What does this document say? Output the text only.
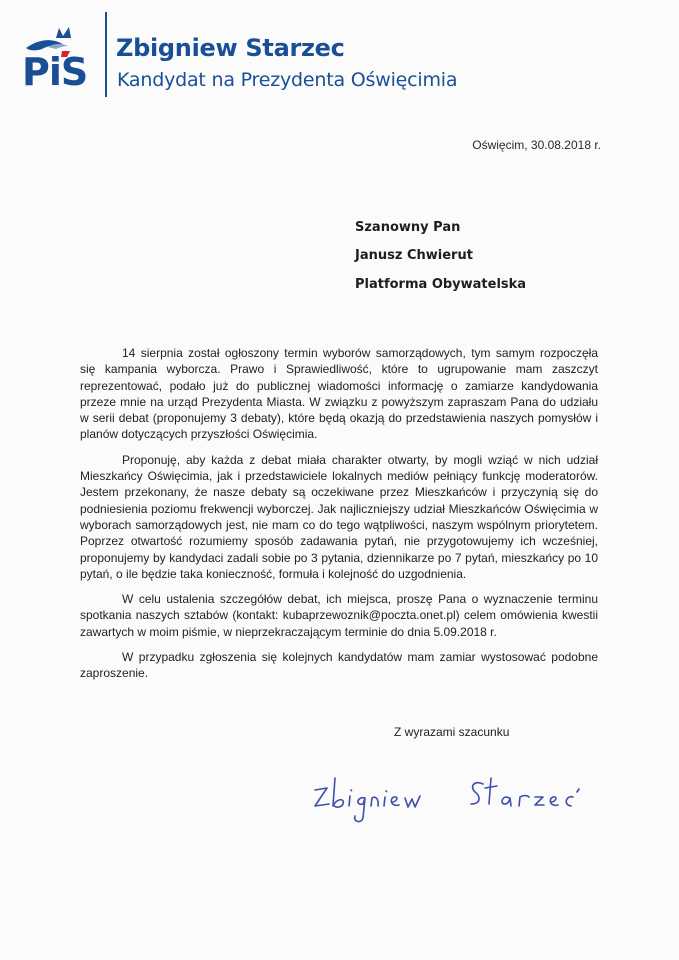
PiS
Zbigniew Starzec
Kandydat na Prezydenta Oświęcimia
Oświęcim, 30.08.2018 r.
Szanowny Pan
Janusz Chwierut
Platforma Obywatelska

14 sierpnia został ogłoszony termin wyborów samorządowych, tym samym rozpoczęła się kampania wyborcza. Prawo i Sprawiedliwość, które to ugrupowanie mam zaszczyt reprezentować, podało już do publicznej wiadomości informację o zamiarze kandydowania przeze mnie na urząd Prezydenta Miasta. W związku z powyższym zapraszam Pana do udziału w serii debat (proponujemy 3 debaty), które będą okazją do przedstawienia naszych pomysłów i planów dotyczących przyszłości Oświęcimia.

Proponuję, aby każda z debat miała charakter otwarty, by mogli wziąć w nich udział Mieszkańcy Oświęcimia, jak i przedstawiciele lokalnych mediów pełniący funkcję moderatorów. Jestem przekonany, że nasze debaty są oczekiwane przez Mieszkańców i przyczynią się do podniesienia poziomu frekwencji wyborczej. Jak najliczniejszy udział Mieszkańców Oświęcimia w wyborach samorządowych jest, nie mam co do tego wątpliwości, naszym wspólnym priorytetem. Poprzez otwartość rozumiemy sposób zadawania pytań, nie przygotowujemy ich wcześniej, proponujemy by kandydaci zadali sobie po 3 pytania, dziennikarze po 7 pytań, mieszkańcy po 10 pytań, o ile będzie taka konieczność, formuła i kolejność do uzgodnienia.

W celu ustalenia szczegółów debat, ich miejsca, proszę Pana o wyznaczenie terminu spotkania naszych sztabów (kontakt: kubaprzewoznik@poczta.onet.pl) celem omówienia kwestii zawartych w moim piśmie, w nieprzekraczającym terminie do dnia 5.09.2018 r.

W przypadku zgłoszenia się kolejnych kandydatów mam zamiar wystosować podobne zaproszenie.

Z wyrazami szacunku
